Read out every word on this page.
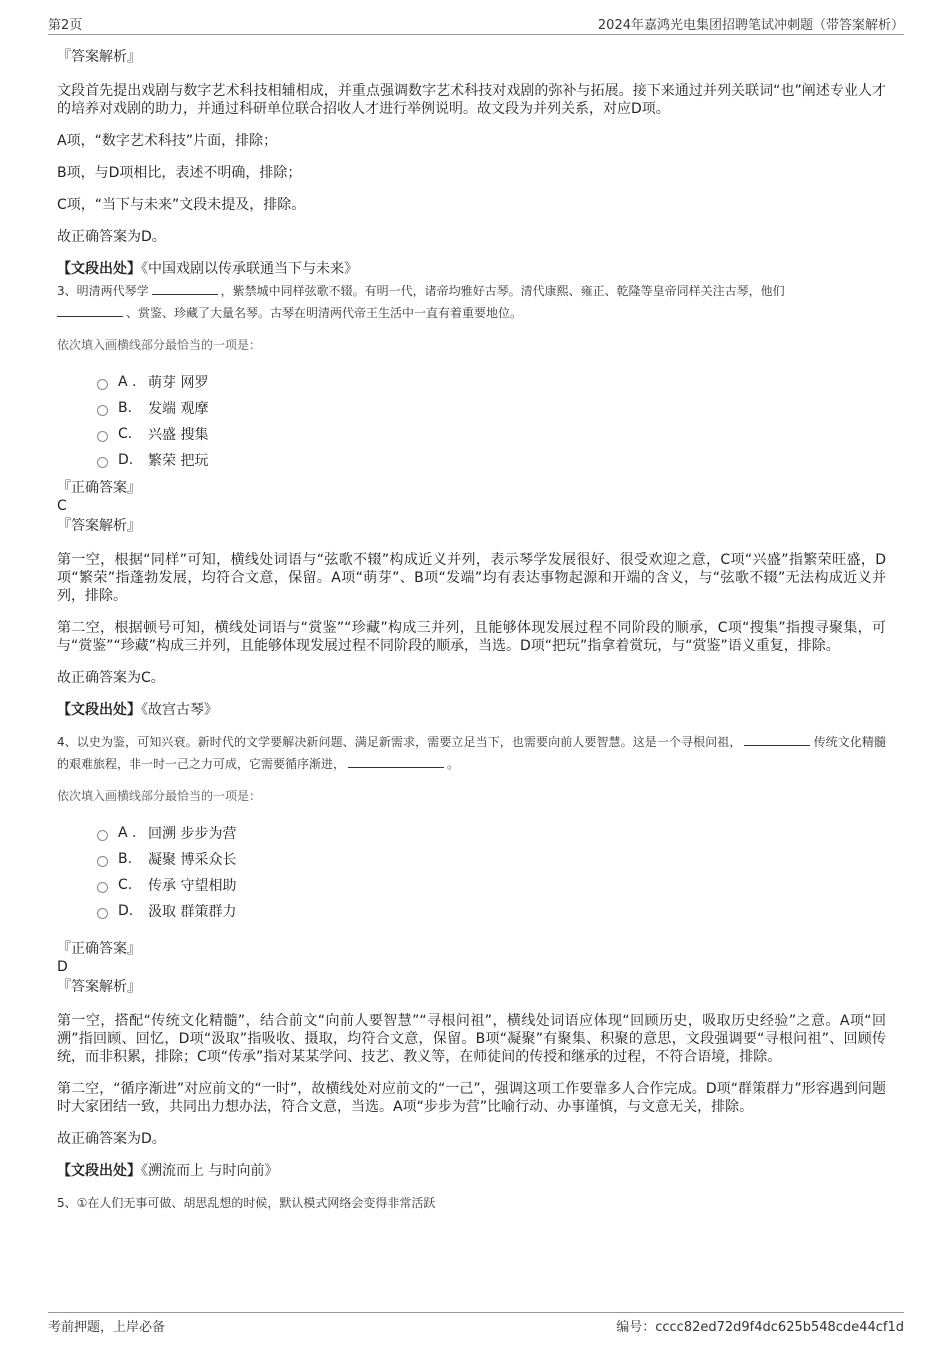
第2页	2024年嘉鸿光电集团招聘笔试冲刺题（带答案解析）
『答案解析』

文段首先提出戏剧与数字艺术科技相辅相成，并重点强调数字艺术科技对戏剧的弥补与拓展。接下来通过并列关联词“也”阐述专业人才的培养对戏剧的助力，并通过科研单位联合招收人才进行举例说明。故文段为并列关系，对应D项。

A项，“数字艺术科技”片面，排除；

B项，与D项相比，表述不明确，排除；

C项，“当下与未来”文段未提及，排除。

故正确答案为D。

【文段出处】《中国戏剧以传承联通当下与未来》

3、明清两代琴学	，紫禁城中同样弦歌不辍。有明一代，诸帝均雅好古琴。清代康熙、雍正、乾隆等皇帝同样关注古琴，他们
、赏鉴、珍藏了大量名琴。古琴在明清两代帝王生活中一直有着重要地位。

依次填入画横线部分最恰当的一项是：

A . 萌芽 网罗
B.	发端 观摩
C.	兴盛 搜集
D.	繁荣 把玩
『正确答案』
C
『答案解析』

第一空，根据“同样”可知，横线处词语与“弦歌不辍”构成近义并列，表示琴学发展很好、很受欢迎之意，C项“兴盛”指繁荣旺盛，D项“繁荣”指蓬勃发展，均符合文意，保留。A项“萌芽”、B项“发端”均有表达事物起源和开端的含义，与“弦歌不辍”无法构成近义并列，排除。

第二空，根据顿号可知，横线处词语与“赏鉴”“珍藏”构成三并列，且能够体现发展过程不同阶段的顺承，C项“搜集”指搜寻聚集，可与“赏鉴”“珍藏”构成三并列，且能够体现发展过程不同阶段的顺承，当选。D项“把玩”指拿着赏玩，与“赏鉴”语义重复，排除。

故正确答案为C。

【文段出处】《故宫古琴》

4、以史为鉴，可知兴衰。新时代的文学要解决新问题、满足新需求，需要立足当下，也需要向前人要智慧。这是一个寻根问祖，	传统文化精髓的艰难旅程，非一时一己之力可成，它需要循序渐进，	。

依次填入画横线部分最恰当的一项是：

A . 回溯 步步为营
B.	凝聚 博采众长
C.	传承 守望相助
D.	汲取 群策群力
『正确答案』
D
『答案解析』

第一空，搭配“传统文化精髓”，结合前文“向前人要智慧”“寻根问祖”，横线处词语应体现“回顾历史，吸取历史经验”之意。A项“回溯”指回顾、回忆，D项“汲取”指吸收、摄取，均符合文意，保留。B项“凝聚”有聚集、积聚的意思，文段强调要“寻根问祖”、回顾传统，而非积累，排除；C项“传承”指对某某学问、技艺、教义等，在师徒间的传授和继承的过程，不符合语境，排除。

第二空，“循序渐进”对应前文的“一时”，故横线处对应前文的“一己”，强调这项工作要靠多人合作完成。D项“群策群力”形容遇到问题时大家团结一致，共同出力想办法，符合文意，当选。A项“步步为营”比喻行动、办事谨慎，与文意无关，排除。

故正确答案为D。

【文段出处】《溯流而上 与时向前》

5、①在人们无事可做、胡思乱想的时候，默认模式网络会变得非常活跃

考前押题，上岸必备	编号：cccc82ed72d9f4dc625b548cde44cf1d
